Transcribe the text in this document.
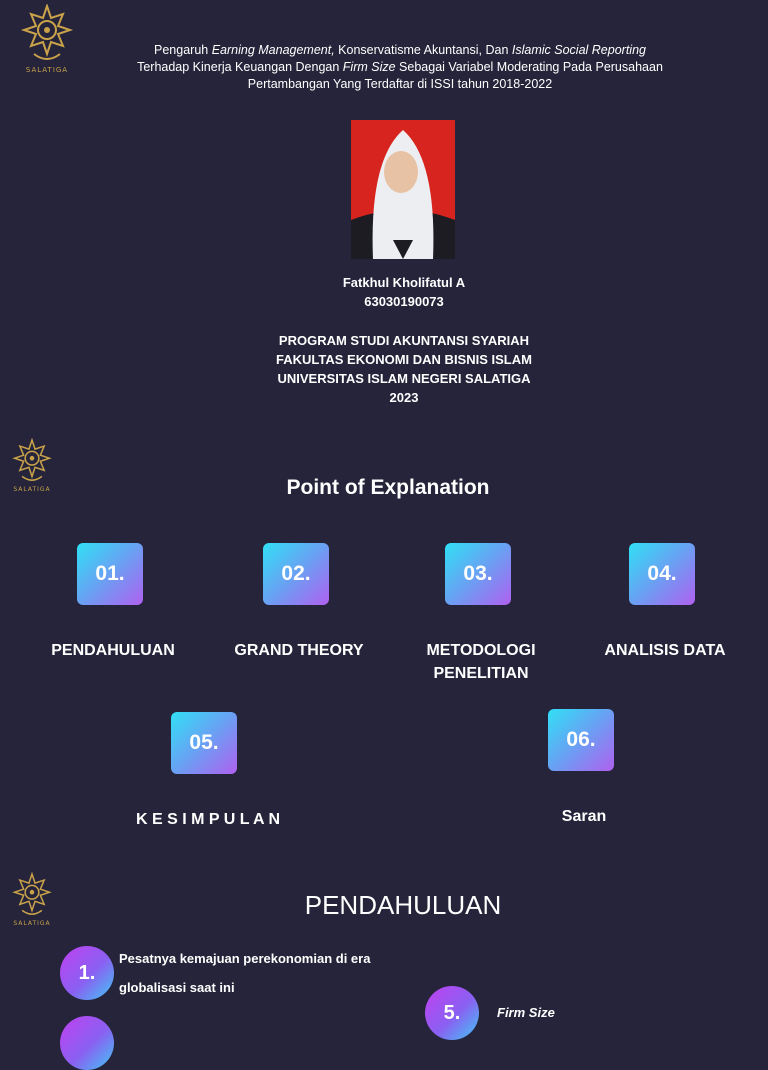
SALATIGA
Pengaruh Earning Management, Konservatisme Akuntansi, Dan Islamic Social Reporting
Terhadap Kinerja Keuangan Dengan Firm Size Sebagai Variabel Moderating Pada Perusahaan
Pertambangan Yang Terdaftar di ISSI tahun 2018-2022
Fatkhul Kholifatul A
63030190073
PROGRAM STUDI AKUNTANSI SYARIAH
FAKULTAS EKONOMI DAN BISNIS ISLAM
UNIVERSITAS ISLAM NEGERI SALATIGA
2023
SALATIGA	Point of Explanation
01.	02.	03.	04.
PENDAHULUAN	GRAND THEORY	METODOLOGI
PENELITIAN
ANALISIS DATA
05.	06.
K E S I M P U L A N	Saran
SALATIGA
PENDAHULUAN
1.
Pesatnya kemajuan perekonomian di era
globalisasi saat ini
5.	Firm Size
